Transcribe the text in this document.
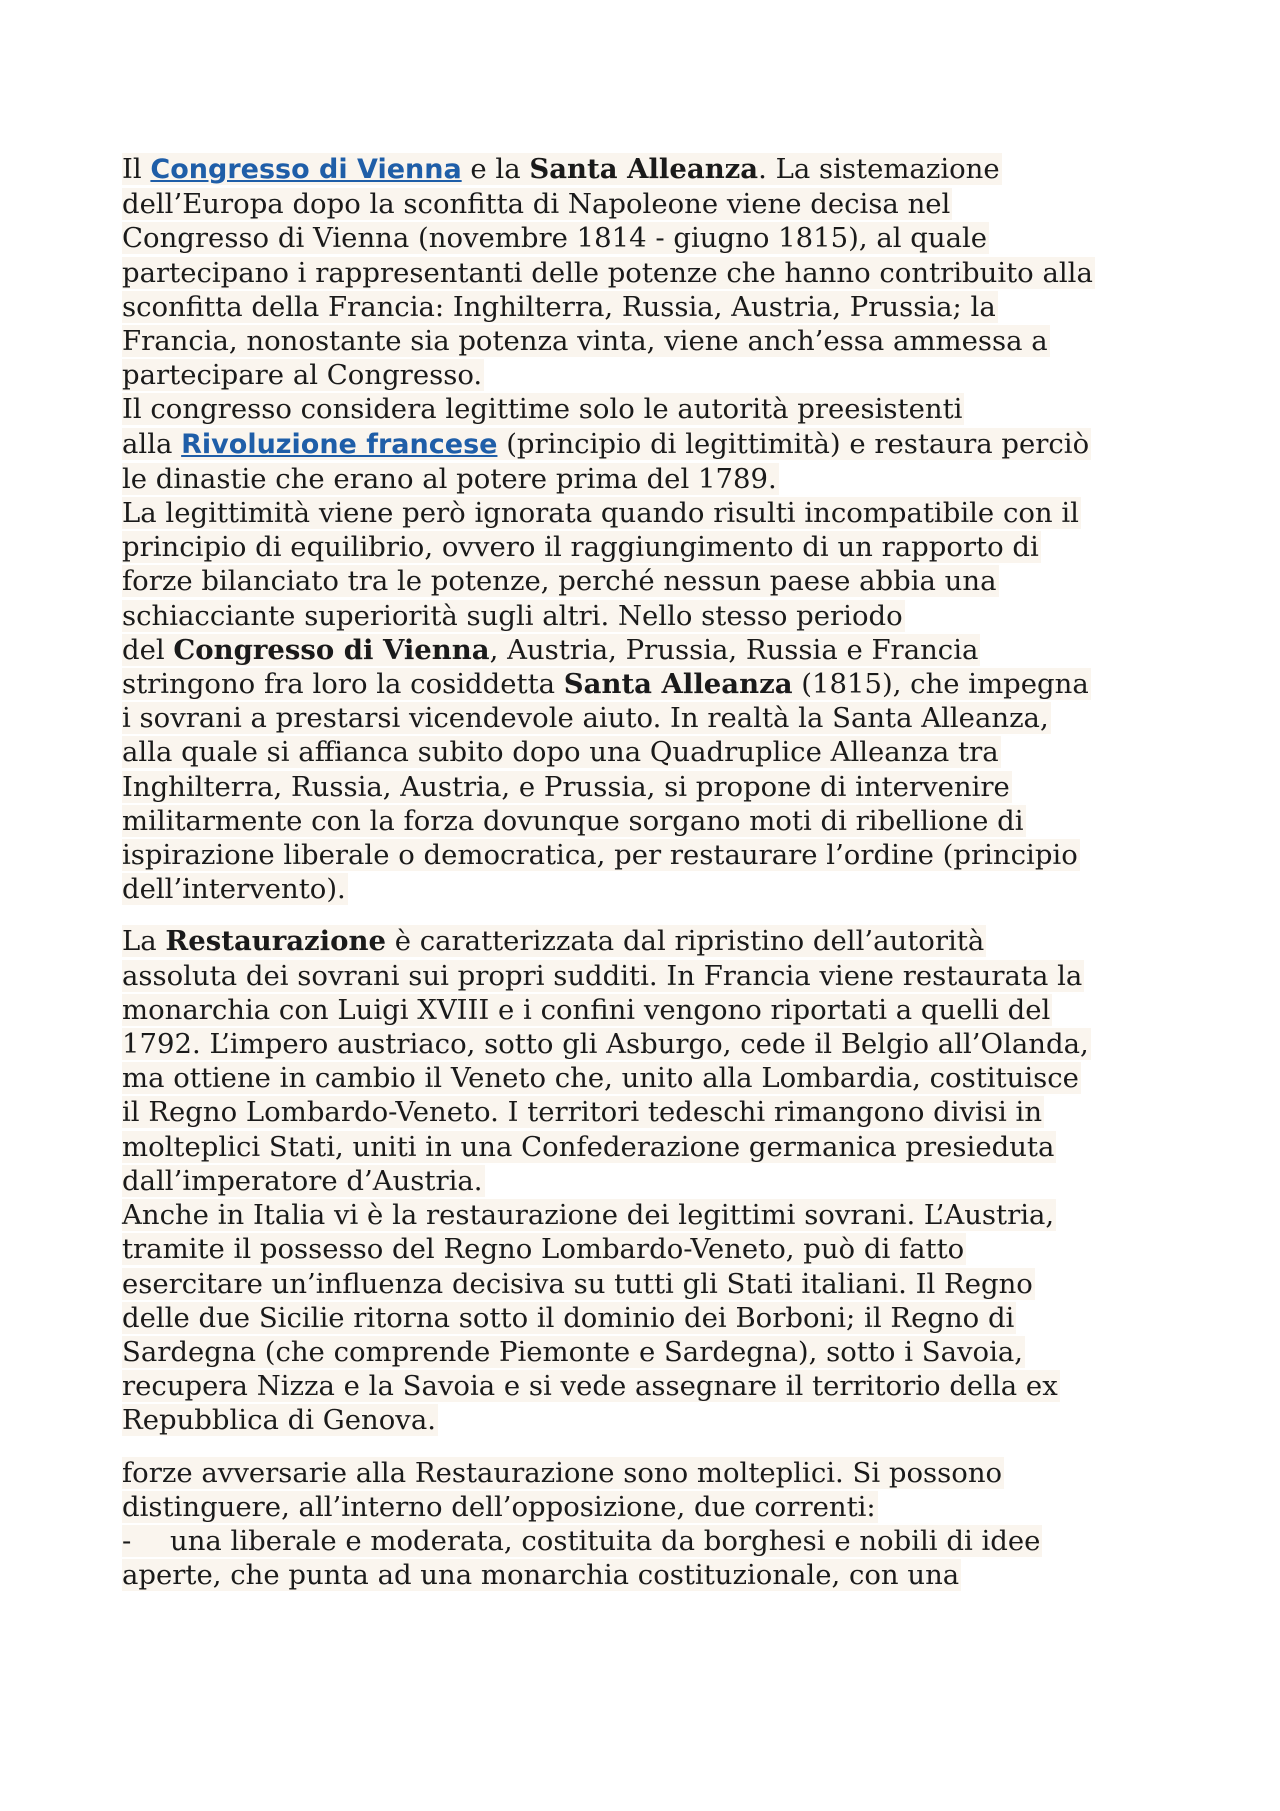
Il Congresso di Vienna e la Santa Alleanza. La sistemazione
dell’Europa dopo la sconfitta di Napoleone viene decisa nel
Congresso di Vienna (novembre 1814 - giugno 1815), al quale
partecipano i rappresentanti delle potenze che hanno contribuito alla
sconfitta della Francia: Inghilterra, Russia, Austria, Prussia; la
Francia, nonostante sia potenza vinta, viene anch’essa ammessa a
partecipare al Congresso.
Il congresso considera legittime solo le autorità preesistenti
alla Rivoluzione francese (principio di legittimità) e restaura perciò
le dinastie che erano al potere prima del 1789.
La legittimità viene però ignorata quando risulti incompatibile con il
principio di equilibrio, ovvero il raggiungimento di un rapporto di
forze bilanciato tra le potenze, perché nessun paese abbia una
schiacciante superiorità sugli altri. Nello stesso periodo
del Congresso di Vienna, Austria, Prussia, Russia e Francia
stringono fra loro la cosiddetta Santa Alleanza (1815), che impegna
i sovrani a prestarsi vicendevole aiuto. In realtà la Santa Alleanza,
alla quale si affianca subito dopo una Quadruplice Alleanza tra
Inghilterra, Russia, Austria, e Prussia, si propone di intervenire
militarmente con la forza dovunque sorgano moti di ribellione di
ispirazione liberale o democratica, per restaurare l’ordine (principio
dell’intervento).
La Restaurazione è caratterizzata dal ripristino dell’autorità
assoluta dei sovrani sui propri sudditi. In Francia viene restaurata la
monarchia con Luigi XVIII e i confini vengono riportati a quelli del
1792. L’impero austriaco, sotto gli Asburgo, cede il Belgio all’Olanda,
ma ottiene in cambio il Veneto che, unito alla Lombardia, costituisce
il Regno Lombardo-Veneto. I territori tedeschi rimangono divisi in
molteplici Stati, uniti in una Confederazione germanica presieduta
dall’imperatore d’Austria.
Anche in Italia vi è la restaurazione dei legittimi sovrani. L’Austria,
tramite il possesso del Regno Lombardo-Veneto, può di fatto
esercitare un’influenza decisiva su tutti gli Stati italiani. Il Regno
delle due Sicilie ritorna sotto il dominio dei Borboni; il Regno di
Sardegna (che comprende Piemonte e Sardegna), sotto i Savoia,
recupera Nizza e la Savoia e si vede assegnare il territorio della ex
Repubblica di Genova.
forze avversarie alla Restaurazione sono molteplici. Si possono
distinguere, all’interno dell’opposizione, due correnti:
- una liberale e moderata, costituita da borghesi e nobili di idee
aperte, che punta ad una monarchia costituzionale, con una
